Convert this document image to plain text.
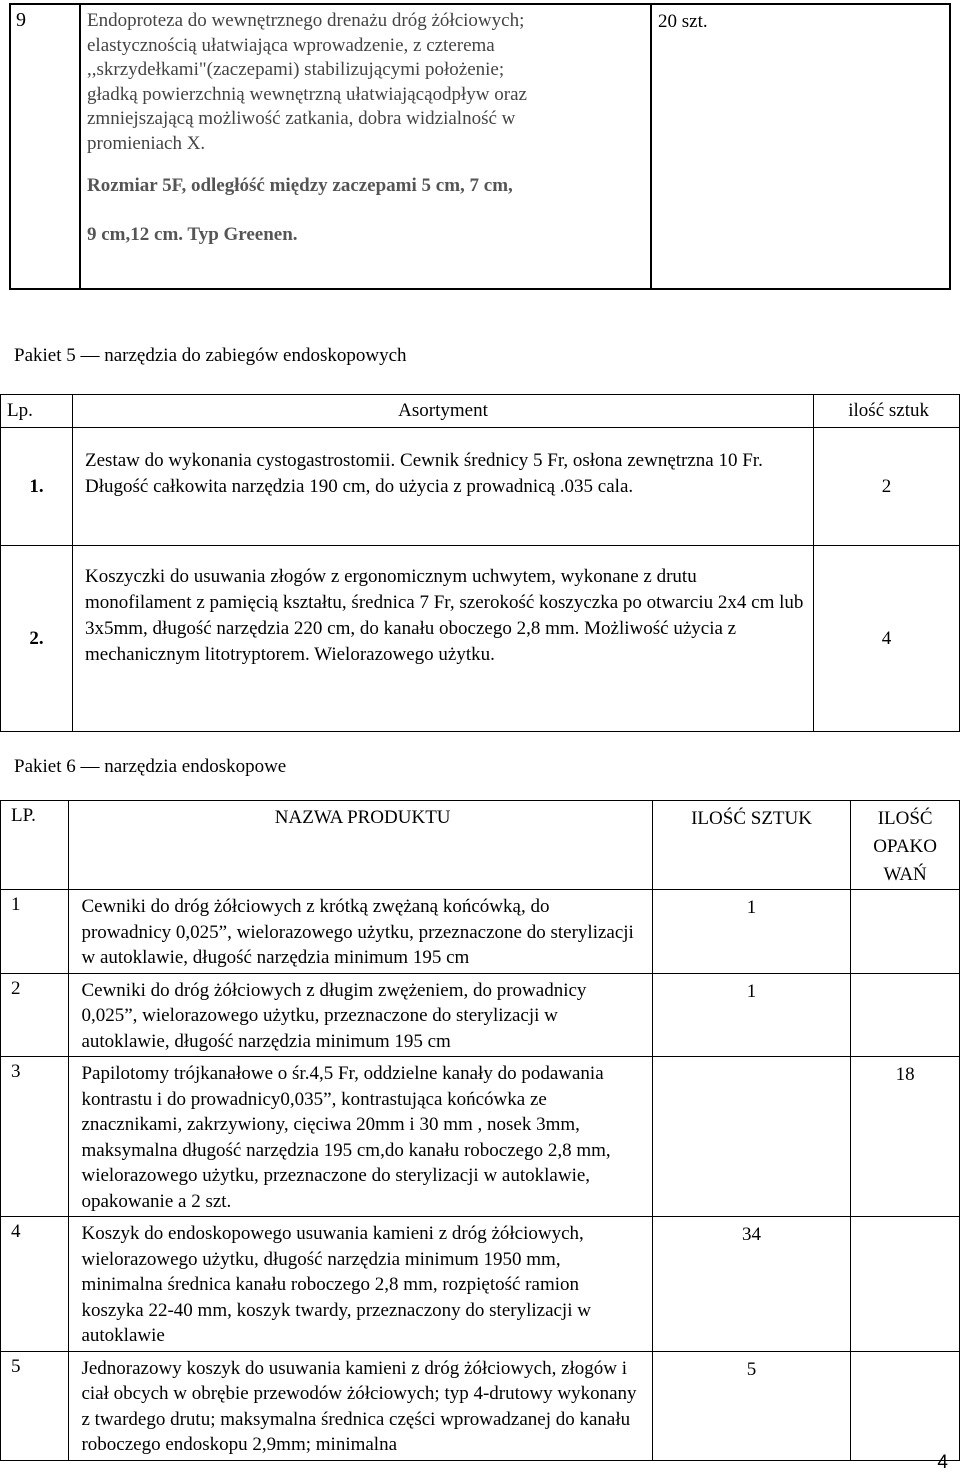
9	Endoproteza do wewnętrznego drenażu dróg żółciowych;
elastycznością ułatwiająca wprowadzenie, z czterema
,,skrzydełkami"(zaczepami) stabilizującymi położenie;
gładką powierzchnią wewnętrzną ułatwiającąodpływ oraz
zmniejszającą możliwość zatkania, dobra widzialność w
promieniach X.
Rozmiar 5F, odległóść między zaczepami 5 cm, 7 cm,
9 cm,12 cm. Typ Greenen.
	20 szt.
Pakiet 5 — narzędzia do zabiegów endoskopowych
Lp.	Asortyment	ilość sztuk
1.	Zestaw do wykonania cystogastrostomii. Cewnik średnicy 5 Fr, osłona zewnętrzna 10 Fr. Długość całkowita narzędzia 190 cm, do użycia z prowadnicą .035 cala.	2
2.	Koszyczki do usuwania złogów z ergonomicznym uchwytem, wykonane z drutu monofilament z pamięcią kształtu, średnica 7 Fr, szerokość koszyczka po otwarciu 2x4 cm lub 3x5mm, długość narzędzia 220 cm, do kanału oboczego 2,8 mm. Możliwość użycia z mechanicznym litotryptorem. Wielorazowego użytku.	4
Pakiet 6 — narzędzia endoskopowe
LP.	NAZWA PRODUKTU	ILOŚĆ SZTUK	ILOŚĆ OPAKO WAŃ
1	Cewniki do dróg żółciowych z krótką zwężaną końcówką, do prowadnicy 0,025”, wielorazowego użytku, przeznaczone do sterylizacji w autoklawie, długość narzędzia minimum 195 cm	1	
2	Cewniki do dróg żółciowych z długim zwężeniem, do prowadnicy 0,025”, wielorazowego użytku, przeznaczone do sterylizacji w autoklawie, długość narzędzia minimum 195 cm	1	
3	Papilotomy trójkanałowe o śr.4,5 Fr, oddzielne kanały do podawania kontrastu i do prowadnicy0,035”, kontrastująca końcówka ze znacznikami, zakrzywiony, cięciwa 20mm i 30 mm , nosek 3mm, maksymalna długość narzędzia 195 cm,do kanału roboczego 2,8 mm, wielorazowego użytku, przeznaczone do sterylizacji w autoklawie, opakowanie a 2 szt.		18
4	Koszyk do endoskopowego usuwania kamieni z dróg żółciowych, wielorazowego użytku, długość narzędzia minimum 1950 mm, minimalna średnica kanału roboczego 2,8 mm, rozpiętość ramion koszyka 22-40 mm, koszyk twardy, przeznaczony do sterylizacji w autoklawie	34	
5	Jednorazowy koszyk do usuwania kamieni z dróg żółciowych, złogów i ciał obcych w obrębie przewodów żółciowych; typ 4-drutowy wykonany z twardego drutu; maksymalna średnica części wprowadzanej do kanału roboczego endoskopu 2,9mm; minimalna	5	
4
